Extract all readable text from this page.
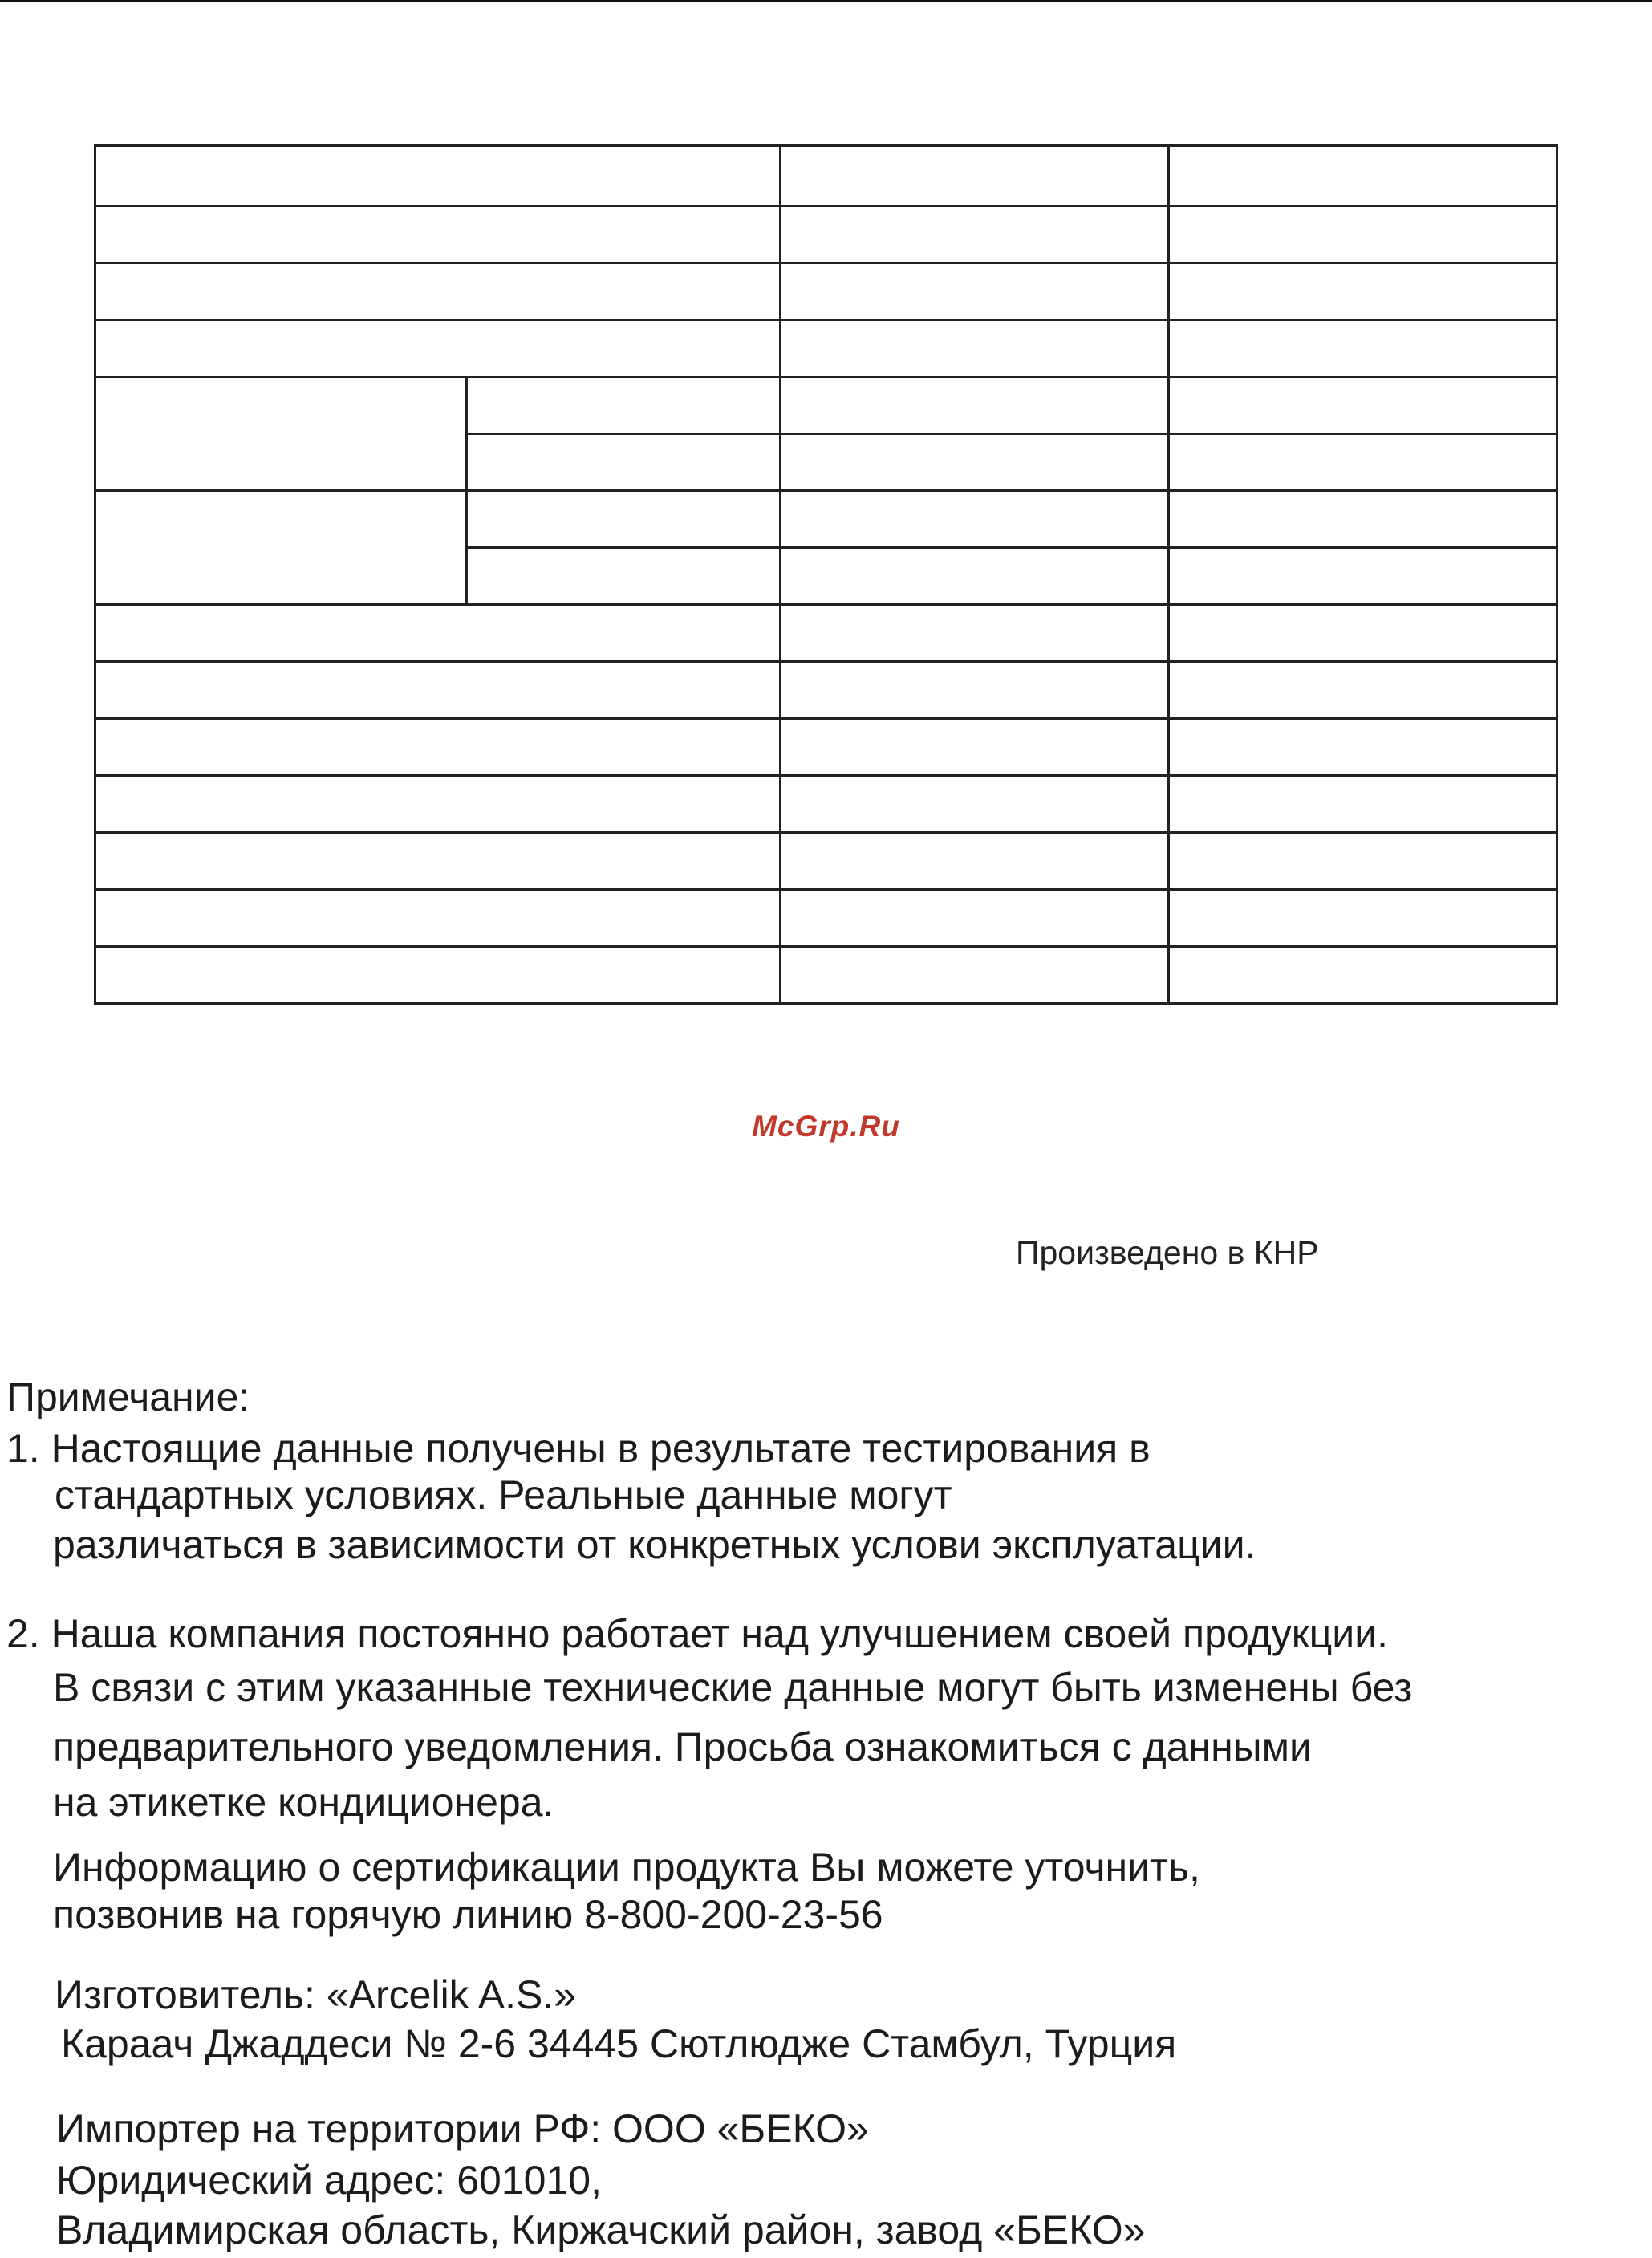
McGrp.Ru
Произведено в КНР
Примечание:
1. Настоящие данные получены в результате тестирования в
стандартных условиях. Реальные данные могут
различаться в зависимости от конкретных услови эксплуатации.
2. Наша компания постоянно работает над улучшением своей продукции.
В связи с этим указанные технические данные могут быть изменены без
предварительного уведомления. Просьба ознакомиться с данными
на этикетке кондиционера.
Информацию о сертификации продукта Вы можете уточнить,
позвонив на горячую линию 8-800-200-23-56
Изготовитель: «Arcelik A.S.»
Караач Джаддеси № 2-6 34445 Сютлюдже Стамбул, Турция
Импортер на территории РФ: ООО «БЕКО»
Юридический адрес: 601010,
Владимирская область, Киржачский район, завод «БЕКО»
